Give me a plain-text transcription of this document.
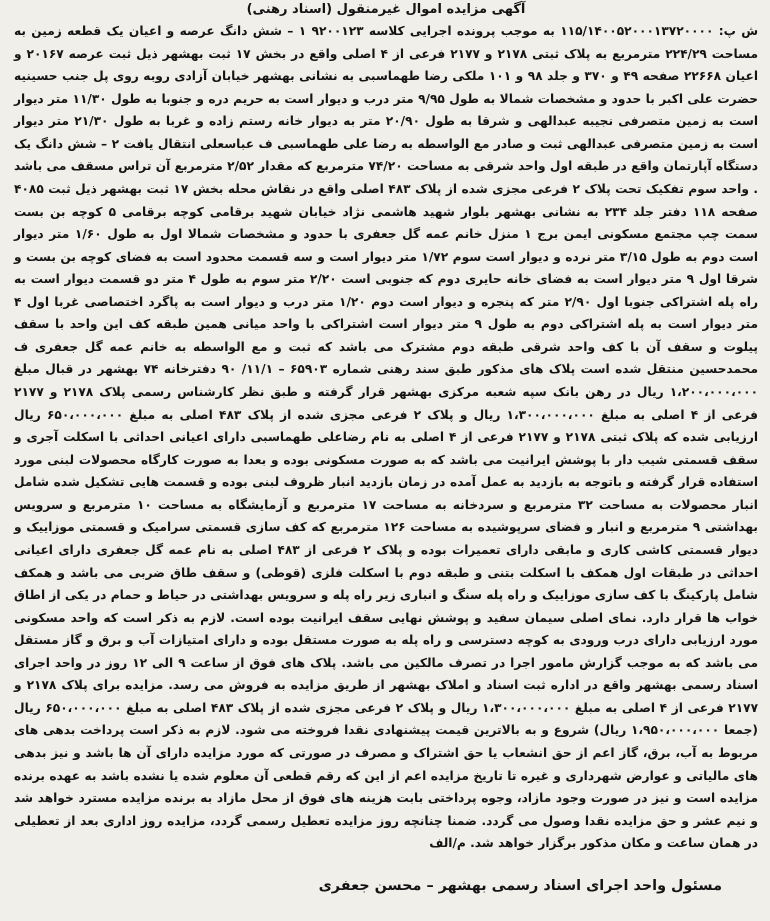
آگهی مزایده اموال غیرمنقول (اسناد رهنی)

ش پ: ۱۱۵/۱۴۰۰۵۲۰۰۰۱۳۷۲۰۰۰۰ به موجب پرونده اجرایی کلاسه ۹۲۰۰۱۲۳ ۱ – شش دانگ عرصه و اعیان یک قطعه زمین به مساحت ۲۲۴/۲۹ مترمربع به پلاک ثبتی ۲۱۷۸ و ۲۱۷۷ فرعی از ۴ اصلی واقع در بخش ۱۷ ثبت بهشهر ذیل ثبت عرصه ۲۰۱۶۷ و اعیان ۲۲۶۶۸ صفحه ۴۹ و ۳۷۰ و جلد ۹۸ و ۱۰۱ ملکی رضا طهماسبی به نشانی بهشهر خیابان آزادی روبه روی پل جنب حسینیه حضرت علی اکبر با حدود و مشخصات شمالا به طول ۹/۹۵ متر درب و دیوار است به حریم دره و جنوبا به طول ۱۱/۳۰ متر دیوار است به زمین متصرفی نجیبه عبدالهی و شرقا به طول ۲۰/۹۰ متر به دیوار خانه رستم زاده و غربا به طول ۲۱/۳۰ متر دیوار است به زمین متصرفی عبدالهی ثبت و صادر مع الواسطه به رضا علی طهماسبی ف عباسعلی انتقال یافت ۲ – شش دانگ یک دستگاه آپارتمان واقع در طبقه اول واحد شرقی به مساحت ۷۴/۲۰ مترمربع که مقدار ۲/۵۲ مترمربع آن تراس مسقف می باشد . واحد سوم تفکیک تحت پلاک ۲ فرعی مجزی شده از پلاک ۴۸۳ اصلی واقع در نقاش محله بخش ۱۷ ثبت بهشهر ذیل ثبت ۴۰۸۵ صفحه ۱۱۸ دفتر جلد ۲۳۴ به نشانی بهشهر بلوار شهید هاشمی نژاد خیابان شهید برقامی کوچه برقامی ۵ کوچه بن بست سمت چپ مجتمع مسکونی ایمن برج ۱ منزل خانم عمه گل جعفری با حدود و مشخصات شمالا اول به طول ۱/۶۰ متر دیوار است دوم به طول ۳/۱۵ متر نرده و دیوار است سوم ۱/۷۲ متر دیوار است و سه قسمت محدود است به فضای کوچه بن بست و شرقا اول ۹ متر دیوار است به فضای خانه حایری دوم که جنوبی است ۲/۲۰ متر سوم به طول ۴ متر دو قسمت دیوار است به راه پله اشتراکی جنوبا اول ۲/۹۰ متر که پنجره و دیوار است دوم ۱/۲۰ متر درب و دیوار است به پاگرد اختصاصی غربا اول ۴ متر دیوار است به پله اشتراکی دوم به طول ۹ متر دیوار است اشتراکی با واحد میانی همین طبقه کف این واحد با سقف پیلوت و سقف آن با کف واحد شرقی طبقه دوم مشترک می باشد که ثبت و مع الواسطه به خانم عمه گل جعفری ف محمدحسین منتقل شده است پلاک های مذکور طبق سند رهنی شماره ۶۵۹۰۳ – ۱۱/۱/ ۹۰ دفترخانه ۷۴ بهشهر در قبال مبلغ ۱،۲۰۰،۰۰۰،۰۰۰ ریال در رهن بانک سپه شعبه مرکزی بهشهر قرار گرفته و طبق نظر کارشناس رسمی پلاک ۲۱۷۸ و ۲۱۷۷ فرعی از ۴ اصلی به مبلغ ۱،۳۰۰،۰۰۰،۰۰۰ ریال و پلاک ۲ فرعی مجزی شده از پلاک ۴۸۳ اصلی به مبلغ ۶۵۰،۰۰۰،۰۰۰ ریال ارزیابی شده که پلاک ثبتی ۲۱۷۸ و ۲۱۷۷ فرعی از ۴ اصلی به نام رضاعلی طهماسبی دارای اعیانی احداثی با اسکلت آجری و سقف قسمتی شیب دار با پوشش ایرانیت می باشد که به صورت مسکونی بوده و بعدا به صورت کارگاه محصولات لبنی مورد استفاده قرار گرفته و باتوجه به بازدید به عمل آمده در زمان بازدید انبار ظروف لبنی بوده و قسمت هایی تشکیل شده شامل انبار محصولات به مساحت ۳۲ مترمربع و سردخانه به مساحت ۱۷ مترمربع و آزمایشگاه به مساحت ۱۰ مترمربع و سرویس بهداشتی ۹ مترمربع و انبار و فضای سرپوشیده به مساحت ۱۲۶ مترمربع که کف سازی قسمتی سرامیک و قسمتی موزاییک و دیوار قسمتی کاشی کاری و مابقی دارای تعمیرات بوده و پلاک ۲ فرعی از ۴۸۳ اصلی به نام عمه گل جعفری دارای اعیانی احداثی در طبقات اول همکف با اسکلت بتنی و طبقه دوم با اسکلت فلزی (قوطی) و سقف طاق ضربی می باشد و همکف شامل پارکینگ با کف سازی موزاییک و راه پله سنگ و انباری زیر راه پله و سرویس بهداشتی در حیاط و حمام در یکی از اطاق خواب ها قرار دارد. نمای اصلی سیمان سفید و پوشش نهایی سقف ایرانیت بوده است. لازم به ذکر است که واحد مسکونی مورد ارزیابی دارای درب ورودی به کوچه دسترسی و راه پله به صورت مستقل بوده و دارای امتیازات آب و برق و گاز مستقل می باشد که به موجب گزارش مامور اجرا در تصرف مالکین می باشد. پلاک های فوق از ساعت ۹ الی ۱۲ روز در واحد اجرای اسناد رسمی بهشهر واقع در اداره ثبت اسناد و املاک بهشهر از طریق مزایده به فروش می رسد. مزایده برای پلاک ۲۱۷۸ و ۲۱۷۷ فرعی از ۴ اصلی به مبلغ ۱،۳۰۰،۰۰۰،۰۰۰ ریال و پلاک ۲ فرعی مجزی شده از پلاک ۴۸۳ اصلی به مبلغ ۶۵۰،۰۰۰،۰۰۰ ریال (جمعا ۱،۹۵۰،۰۰۰،۰۰۰ ریال) شروع و به بالاترین قیمت پیشنهادی نقدا فروخته می شود. لازم به ذکر است پرداخت بدهی های مربوط به آب، برق، گاز اعم از حق انشعاب یا حق اشتراک و مصرف در صورتی که مورد مزایده دارای آن ها باشد و نیز بدهی های مالیاتی و عوارض شهرداری و غیره تا تاریخ مزایده اعم از این که رقم قطعی آن معلوم شده یا نشده باشد به عهده برنده مزایده است و نیز در صورت وجود مازاد، وجوه پرداختی بابت هزینه های فوق از محل مازاد به برنده مزایده مسترد خواهد شد و نیم عشر و حق مزایده نقدا وصول می گردد. ضمنا چنانچه روز مزایده تعطیل رسمی گردد، مزایده روز اداری بعد از تعطیلی در همان ساعت و مکان مذکور برگزار خواهد شد. م/الف

مسئول واحد اجرای اسناد رسمی بهشهر – محسن جعفری
